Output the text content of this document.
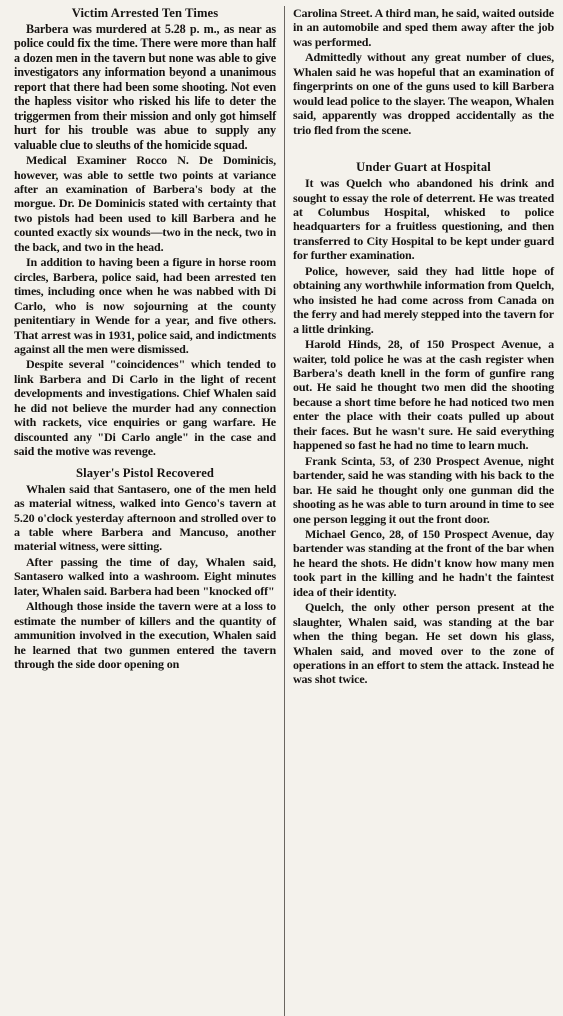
Victim Arrested Ten Times

Barbera was murdered at 5.28 p. m., as near as police could fix the time. There were more than half a dozen men in the tavern but none was able to give investigators any information beyond a unanimous report that there had been some shooting. Not even the hapless visitor who risked his life to deter the triggermen from their mission and only got himself hurt for his trouble was abue to supply any valuable clue to sleuths of the homicide squad.

Medical Examiner Rocco N. De Dominicis, however, was able to settle two points at variance after an examination of Barbera's body at the morgue. Dr. De Dominicis stated with certainty that two pistols had been used to kill Barbera and he counted exactly six wounds—two in the neck, two in the back, and two in the head.

In addition to having been a figure in horse room circles, Barbera, police said, had been arrested ten times, including once when he was nabbed with Di Carlo, who is now sojourning at the county penitentiary in Wende for a year, and five others. That arrest was in 1931, police said, and indictments against all the men were dismissed.

Despite several "coincidences" which tended to link Barbera and Di Carlo in the light of recent developments and investigations. Chief Whalen said he did not believe the murder had any connection with rackets, vice enquiries or gang warfare. He discounted any "Di Carlo angle" in the case and said the motive was revenge.

Slayer's Pistol Recovered

Whalen said that Santasero, one of the men held as material witness, walked into Genco's tavern at 5.20 o'clock yesterday afternoon and strolled over to a table where Barbera and Mancuso, another material witness, were sitting.

After passing the time of day, Whalen said, Santasero walked into a washroom. Eight minutes later, Whalen said. Barbera had been "knocked off"

Although those inside the tavern were at a loss to estimate the number of killers and the quantity of ammunition involved in the execution, Whalen said he learned that two gunmen entered the tavern through the side door opening on

Carolina Street. A third man, he said, waited outside in an automobile and sped them away after the job was performed.

Admittedly without any great number of clues, Whalen said he was hopeful that an examination of fingerprints on one of the guns used to kill Barbera would lead police to the slayer. The weapon, Whalen said, apparently was dropped accidentally as the trio fled from the scene.

Under Guart at Hospital

It was Quelch who abandoned his drink and sought to essay the role of deterrent. He was treated at Columbus Hospital, whisked to police headquarters for a fruitless questioning, and then transferred to City Hospital to be kept under guard for further examination.

Police, however, said they had little hope of obtaining any worthwhile information from Quelch, who insisted he had come across from Canada on the ferry and had merely stepped into the tavern for a little drinking.

Harold Hinds, 28, of 150 Prospect Avenue, a waiter, told police he was at the cash register when Barbera's death knell in the form of gunfire rang out. He said he thought two men did the shooting because a short time before he had noticed two men enter the place with their coats pulled up about their faces. But he wasn't sure. He said everything happened so fast he had no time to learn much.

Frank Scinta, 53, of 230 Prospect Avenue, night bartender, said he was standing with his back to the bar. He said he thought only one gunman did the shooting as he was able to turn around in time to see one person legging it out the front door.

Michael Genco, 28, of 150 Prospect Avenue, day bartender was standing at the front of the bar when he heard the shots. He didn't know how many men took part in the killing and he hadn't the faintest idea of their identity.

Quelch, the only other person present at the slaughter, Whalen said, was standing at the bar when the thing began. He set down his glass, Whalen said, and moved over to the zone of operations in an effort to stem the attack. Instead he was shot twice.
